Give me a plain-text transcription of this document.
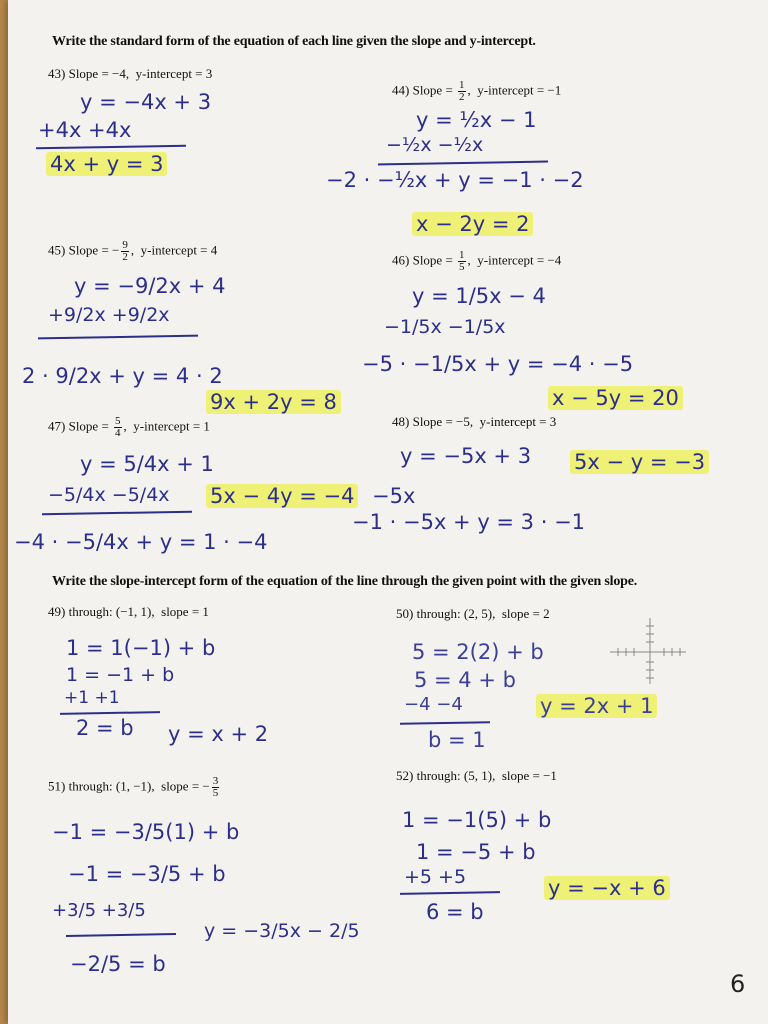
Write the standard form of the equation of each line given the slope and y-intercept.
43) Slope = −4,  y-intercept = 3
y = −4x + 3
+4x +4x
4x + y = 3
44) Slope = $\frac{1}{2}$ ,  y-intercept = −1
y = ½x − 1
−½x −½x
−2 · −½x + y = −1 · −2
x − 2y = 2
45) Slope = − $\frac{9}{2}$ ,  y-intercept = 4
y = −9/2x + 4
+9/2x +9/2x
2 · 9/2x + y = 4 · 2
9x + 2y = 8
46) Slope = $\frac{1}{5}$ ,  y-intercept = −4
y = 1/5x − 4
−1/5x −1/5x
−5 · −1/5x + y = −4 · −5
x − 5y = 20
47) Slope = $\frac{5}{4}$ ,  y-intercept = 1
y = 5/4x + 1
−5/4x −5/4x 5x − 4y = −4
−4 · −5/4x + y = 1 · −4
48) Slope = −5,  y-intercept = 3
y = −5x + 3
−5x
−1 · −5x + y = 3 · −1
5x − y = −3
Write the slope-intercept form of the equation of the line through the given point with the given slope.
49) through: (−1, 1),  slope = 1
1 = 1(−1) + b
1 = −1 + b
+1 +1
2 = b y = x + 2
50) through: (2, 5),  slope = 2
5 = 2(2) + b
5 = 4 + b
−4 −4
b = 1
y = 2x + 1
51) through: (1, −1),  slope = − $\frac{3}{5}$
−1 = −3/5(1) + b
−1 = −3/5 + b
+3/5 +3/5
−2/5 = b
y = −3/5x − 2/5
52) through: (5, 1),  slope = −1
1 = −1(5) + b
1 = −5 + b
+5 +5
6 = b
y = −x + 6
6
